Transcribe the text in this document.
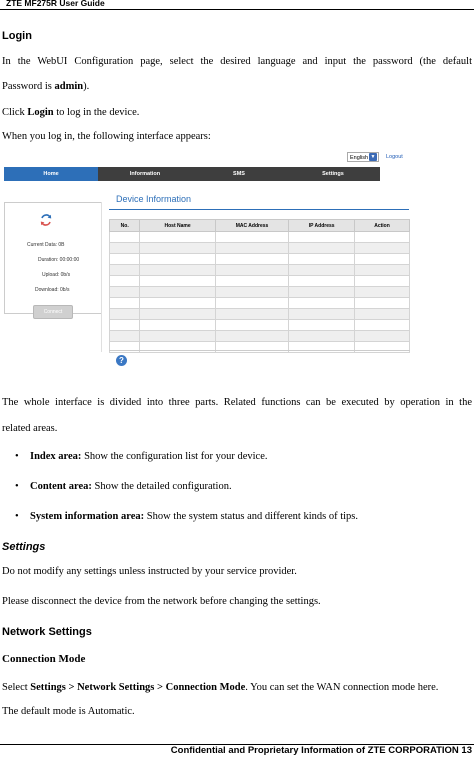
ZTE MF275R User Guide
Login
In the WebUI Configuration page, select the desired language and input the password (the default
Password is admin).
Click Login to log in the device.
When you log in, the following interface appears:
English ▼ Logout
Home	Information	SMS	Settings
Current Data: 0B
Duration: 00:00:00
Upload: 0b/s
Download: 0b/s
Connect
Device Information
No.	Host Name	MAC Address	IP Address	Action

?
The whole interface is divided into three parts. Related functions can be executed by operation in the
related areas.
• Index area: Show the configuration list for your device.
• Content area: Show the detailed configuration.
• System information area: Show the system status and different kinds of tips.
Settings
Do not modify any settings unless instructed by your service provider.
Please disconnect the device from the network before changing the settings.
Network Settings
Connection Mode
Select Settings > Network Settings > Connection Mode. You can set the WAN connection mode here.
The default mode is Automatic.
Confidential and Proprietary Information of ZTE CORPORATION 13
